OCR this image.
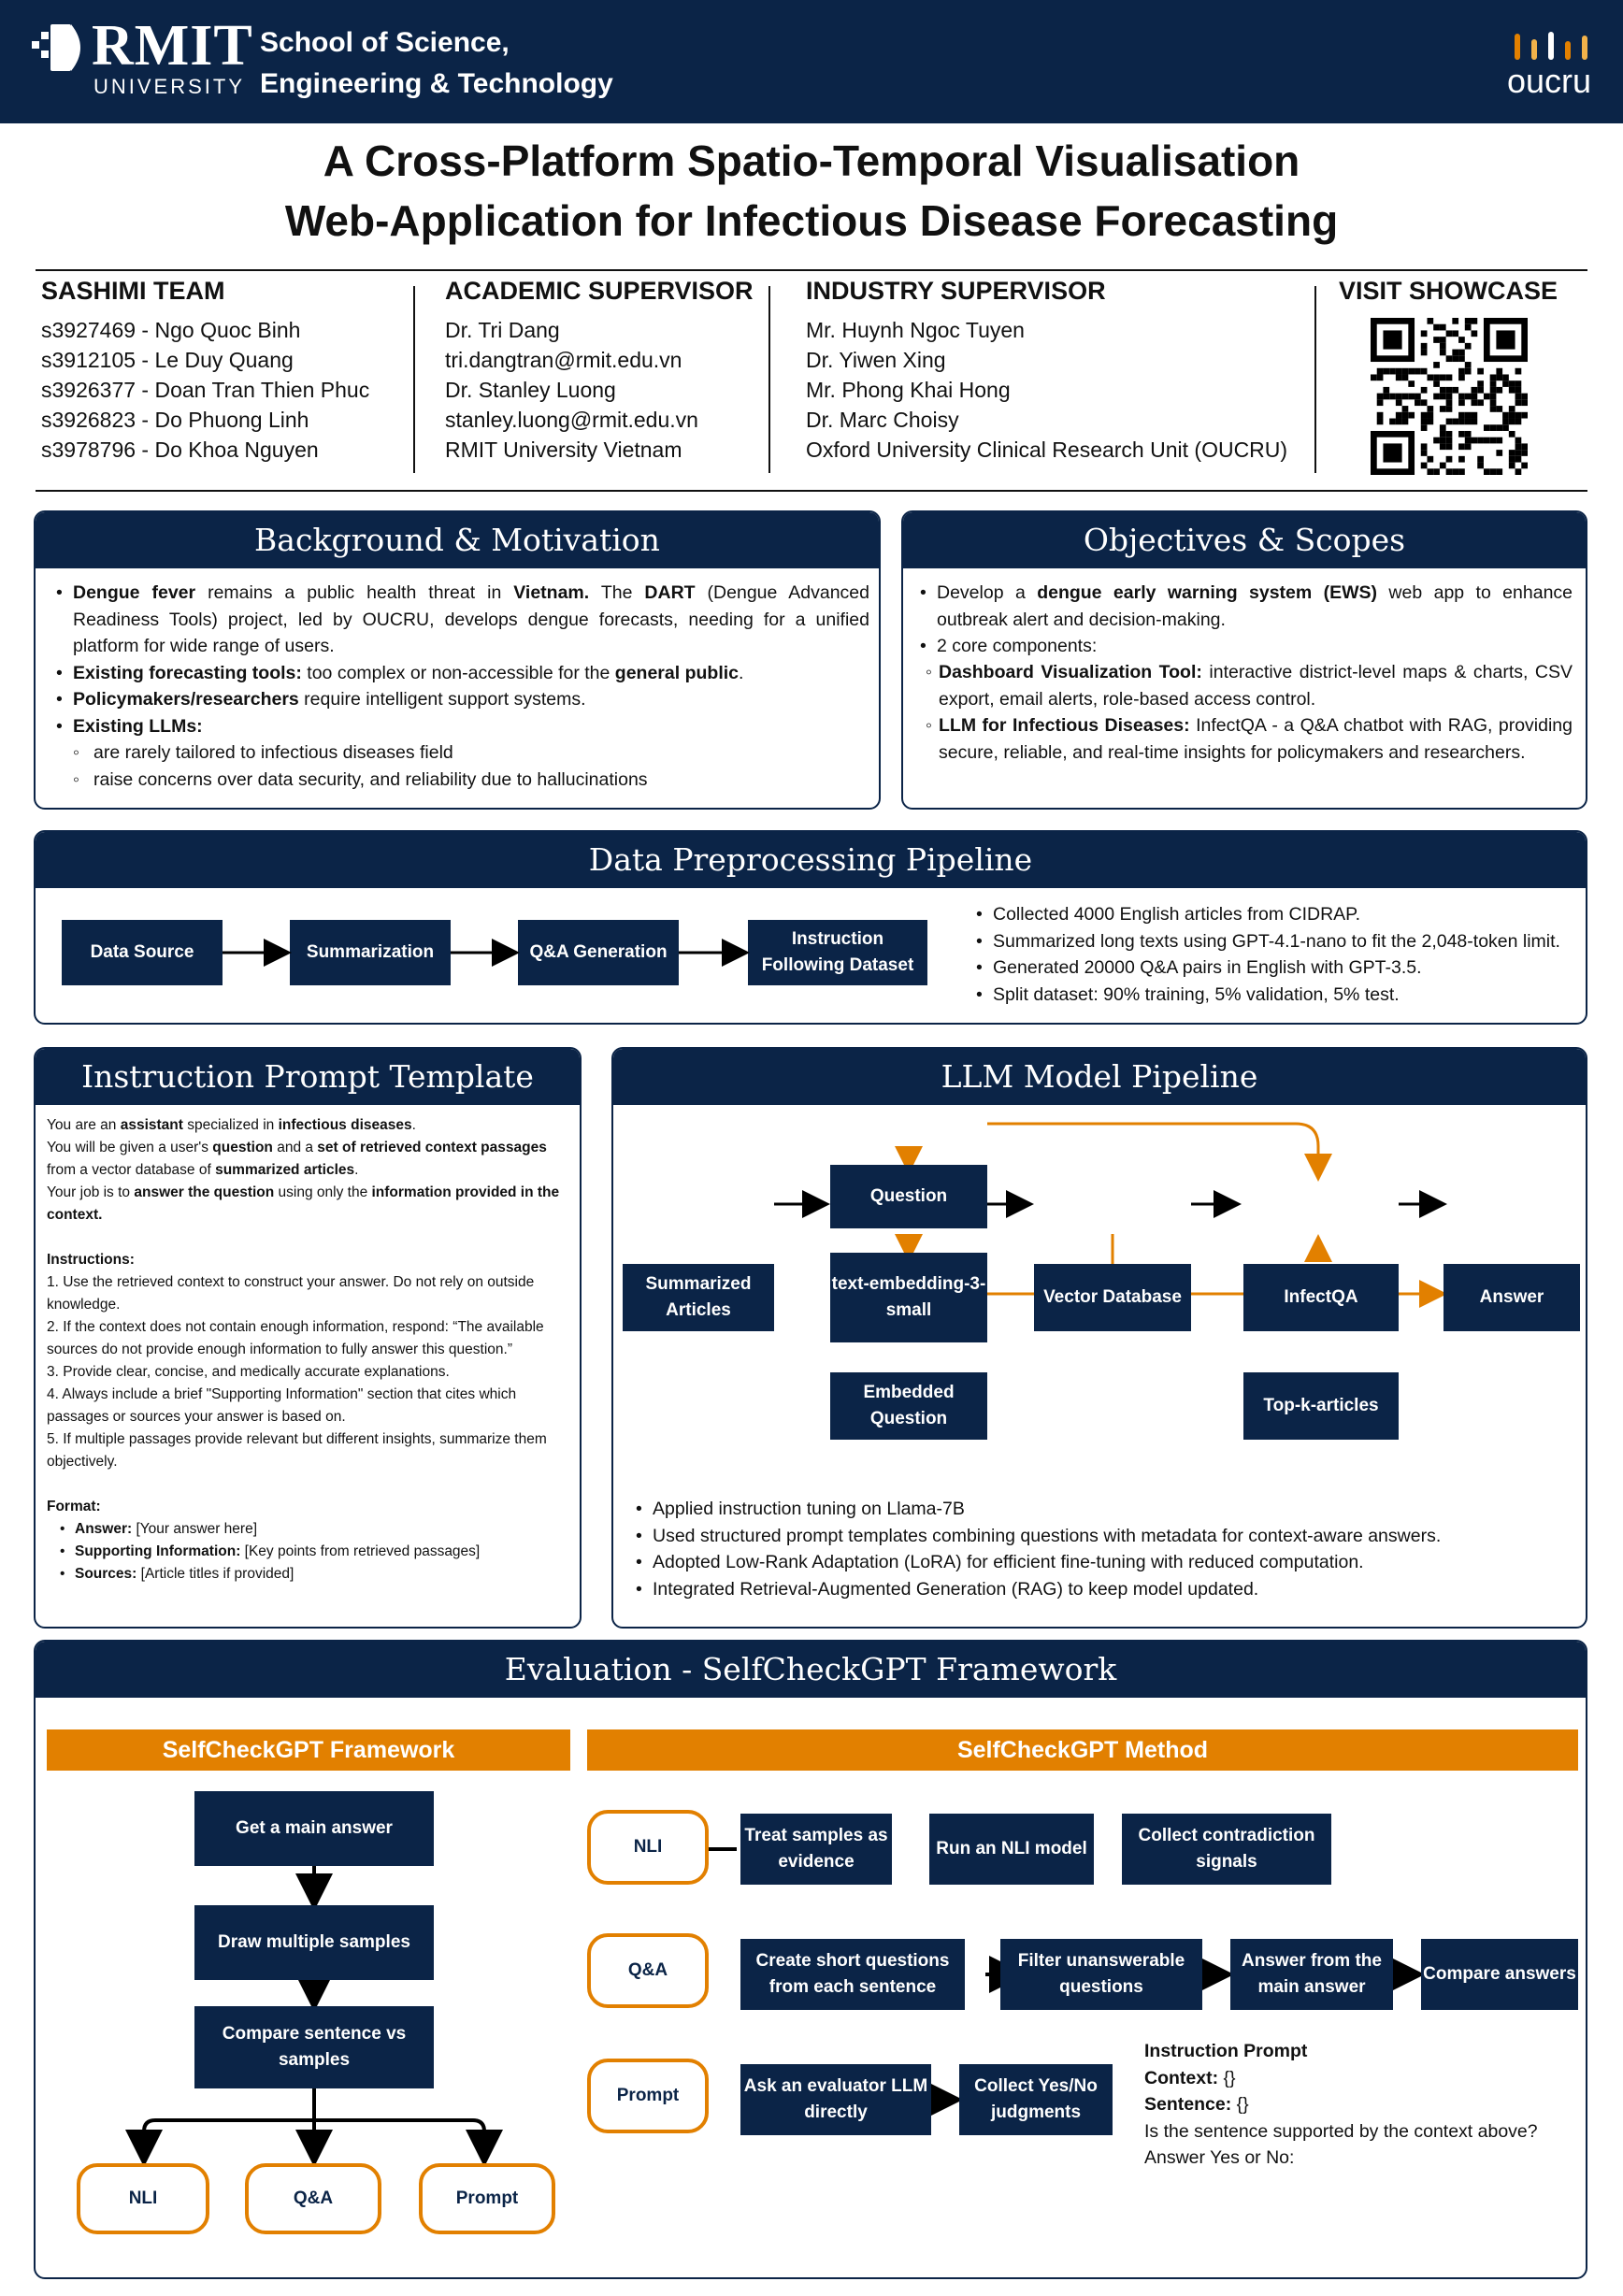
RMIT
UNIVERSITY
School of Science,
Engineering & Technology	oucru
A Cross-Platform Spatio-Temporal Visualisation
Web-Application for Infectious Disease Forecasting
SASHIMI TEAM
s3927469 - Ngo Quoc Binh
s3912105 - Le Duy Quang
s3926377 - Doan Tran Thien Phuc
s3926823 - Do Phuong Linh
s3978796 - Do Khoa Nguyen
ACADEMIC SUPERVISOR
Dr. Tri Dang
tri.dangtran@rmit.edu.vn
Dr. Stanley Luong
stanley.luong@rmit.edu.vn
RMIT University Vietnam
INDUSTRY SUPERVISOR
Mr. Huynh Ngoc Tuyen
Dr. Yiwen Xing
Mr. Phong Khai Hong
Dr. Marc Choisy
Oxford University Clinical Research Unit (OUCRU)
VISIT SHOWCASE
Background & Motivation
• Dengue fever remains a public health threat in Vietnam. The DART (Dengue Advanced Readiness Tools) project, led by OUCRU, develops dengue forecasts, needing for a unified platform for wide range of users.
• Existing forecasting tools: too complex or non-accessible for the general public.
• Policymakers/researchers require intelligent support systems.
• Existing LLMs:
◦ are rarely tailored to infectious diseases field
◦ raise concerns over data security, and reliability due to hallucinations
Objectives & Scopes
• Develop a dengue early warning system (EWS) web app to enhance outbreak alert and decision-making.
• 2 core components:
◦ Dashboard Visualization Tool: interactive district-level maps & charts, CSV export, email alerts, role-based access control.
◦ LLM for Infectious Diseases: InfectQA - a Q&A chatbot with RAG, providing secure, reliable, and real-time insights for policymakers and researchers.
Data Preprocessing Pipeline
Data Source	Summarization	Q&A Generation
Instruction Following Dataset
• Collected 4000 English articles from CIDRAP.
• Summarized long texts using GPT-4.1-nano to fit the 2,048-token limit.
• Generated 20000 Q&A pairs in English with GPT-3.5.
• Split dataset: 90% training, 5% validation, 5% test.
Instruction Prompt Template
You are an assistant specialized in infectious diseases.
You will be given a user's question and a set of retrieved context passages from a vector database of summarized articles.
Your job is to answer the question using only the information provided in the context.
Instructions:
1. Use the retrieved context to construct your answer. Do not rely on outside knowledge.
2. If the context does not contain enough information, respond: “The available sources do not provide enough information to fully answer this question.”
3. Provide clear, concise, and medically accurate explanations.
4. Always include a brief "Supporting Information" section that cites which passages or sources your answer is based on.
5. If multiple passages provide relevant but different insights, summarize them objectively.
Format:
• Answer: [Your answer here]
• Supporting Information: [Key points from retrieved passages]
• Sources: [Article titles if provided]
LLM Model Pipeline
Question
Summarized Articles
text-embedding-3-small
Vector Database	InfectQA	Answer
Embedded Question
Top-k-articles
• Applied instruction tuning on Llama-7B
• Used structured prompt templates combining questions with metadata for context-aware answers.
• Adopted Low-Rank Adaptation (LoRA) for efficient fine-tuning with reduced computation.
• Integrated Retrieval-Augmented Generation (RAG) to keep model updated.
Evaluation - SelfCheckGPT Framework
SelfCheckGPT Framework	SelfCheckGPT Method
Get a main answer
Draw multiple samples
Compare sentence vs samples
NLI	Q&A	Prompt
NLI
Treat samples as evidence
Run an NLI model
Collect contradiction signals
Q&A	Create short questions from each sentence
Filter unanswerable questions
Answer from the main answer
Compare answers
Prompt	Ask an evaluator LLM directly
Collect Yes/No judgments
Instruction Prompt
Context: {}
Sentence: {}
Is the sentence supported by the context above?
Answer Yes or No:
